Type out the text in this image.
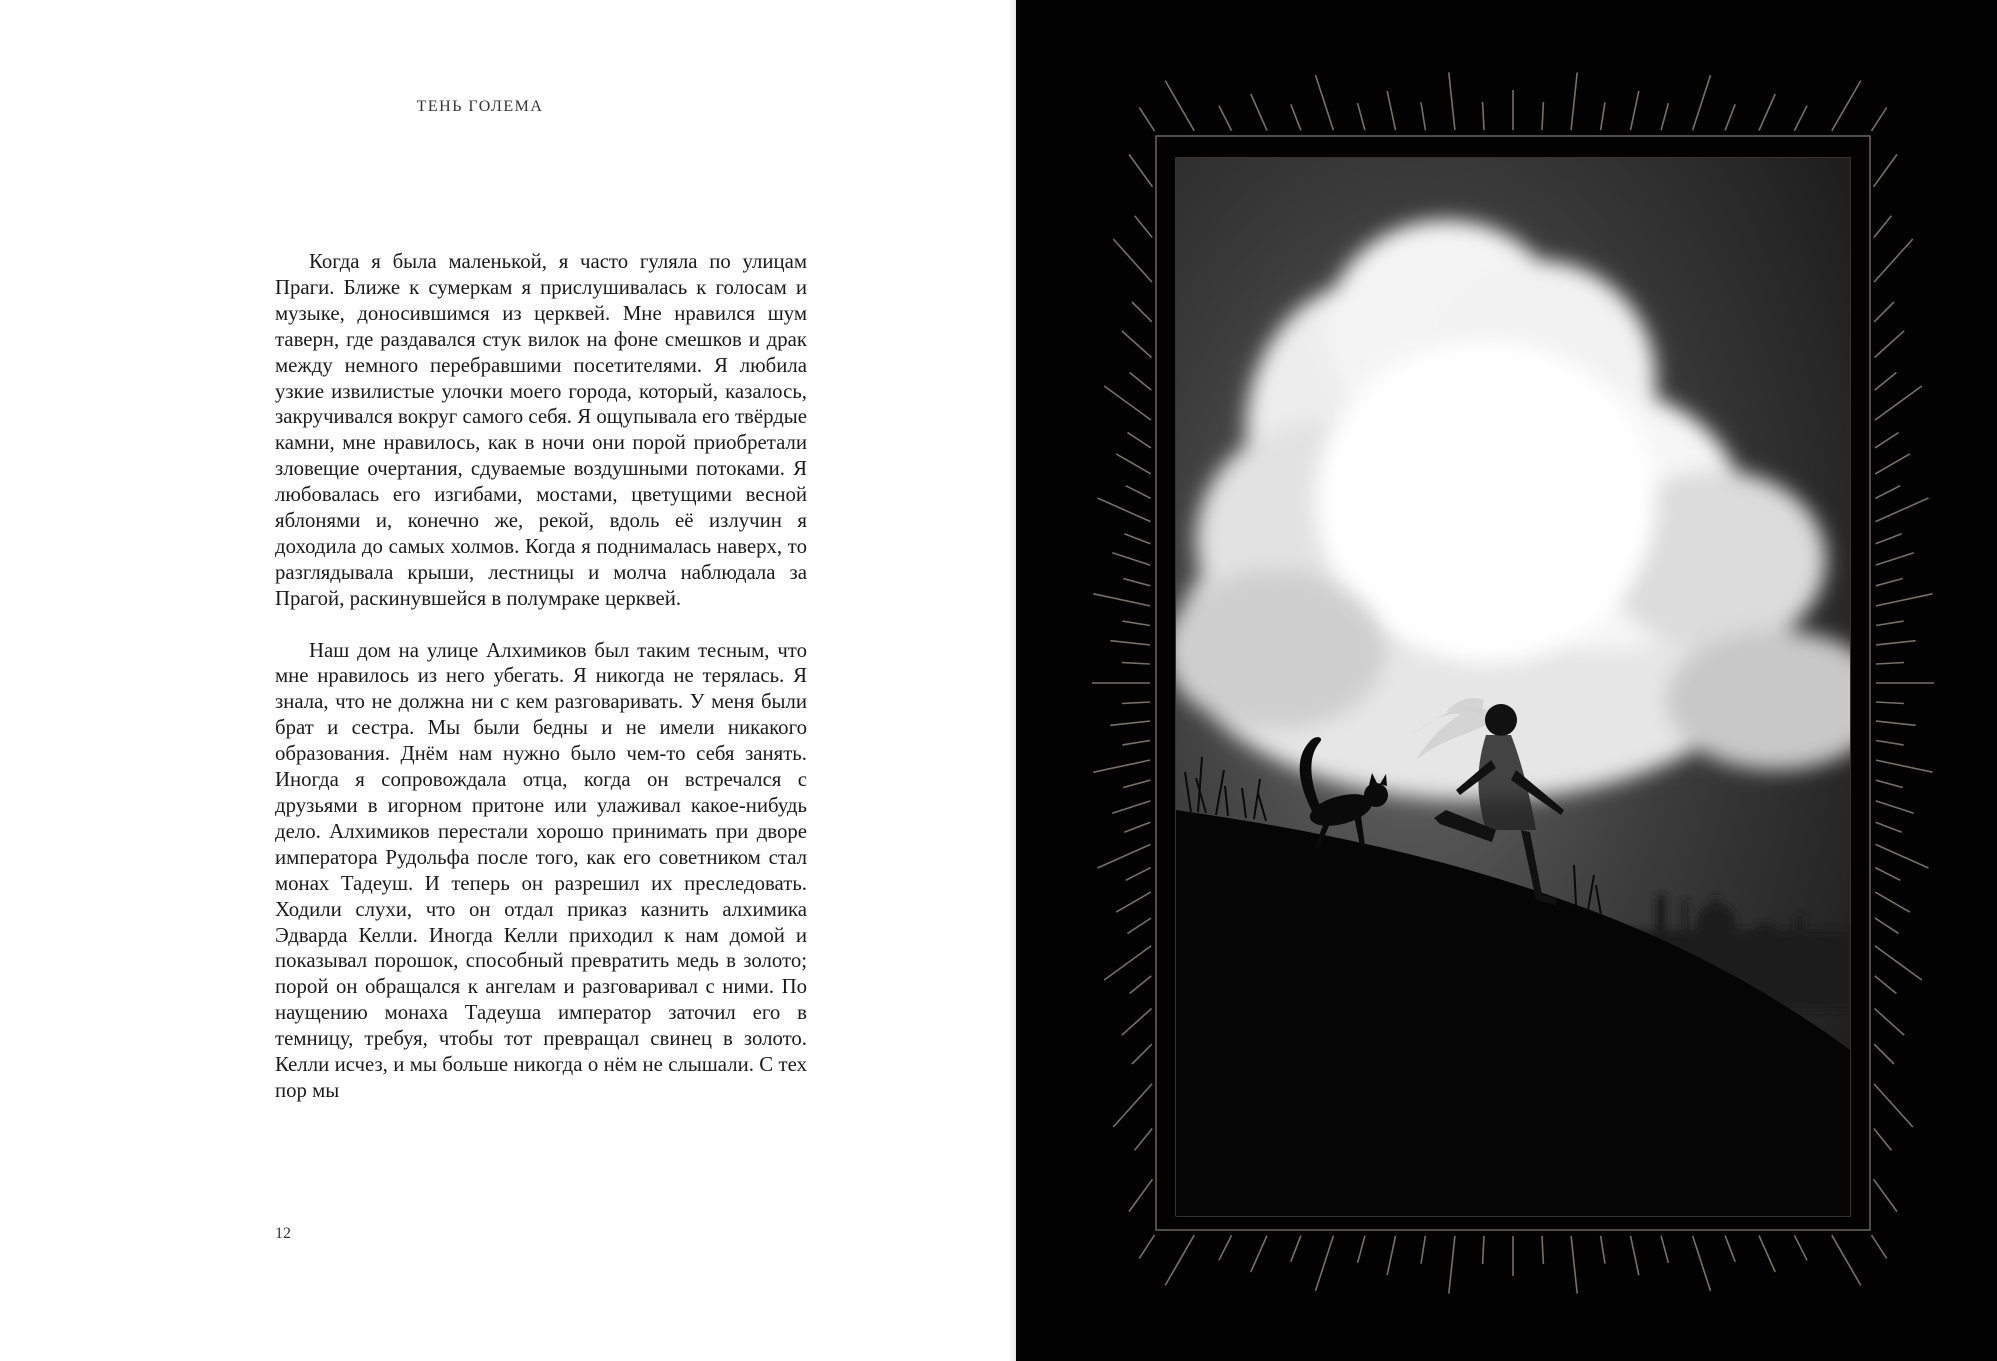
ТЕНЬ ГОЛЕМА

Когда я была маленькой, я часто гуляла по улицам Праги. Ближе к сумеркам я прислушивалась к голосам и музыке, доносившимся из церквей. Мне нравился шум таверн, где раздавался стук вилок на фоне смешков и драк между немного перебравшими посетителями. Я любила узкие извилистые улочки моего города, который, казалось, закручивался вокруг самого себя. Я ощупывала его твёрдые камни, мне нравилось, как в ночи они порой приобретали зловещие очертания, сдуваемые воздушными потоками. Я любовалась его изгибами, мостами, цветущими весной яблонями и, конечно же, рекой, вдоль её излучин я доходила до самых холмов. Когда я поднималась наверх, то разглядывала крыши, лестницы и молча наблюдала за Прагой, раскинувшейся в полумраке церквей.

Наш дом на улице Алхимиков был таким тесным, что мне нравилось из него убегать. Я никогда не терялась. Я знала, что не должна ни с кем разговаривать. У меня были брат и сестра. Мы были бедны и не имели никакого образования. Днём нам нужно было чем-то себя занять. Иногда я сопровождала отца, когда он встречался с друзьями в игорном притоне или улаживал какое-нибудь дело. Алхимиков перестали хорошо принимать при дворе императора Рудольфа после того, как его советником стал монах Тадеуш. И теперь он разрешил их преследовать. Ходили слухи, что он отдал приказ казнить алхимика Эдварда Келли. Иногда Келли приходил к нам домой и показывал порошок, способный превратить медь в золото; порой он обращался к ангелам и разговаривал с ними. По наущению монаха Тадеуша император заточил его в темницу, требуя, чтобы тот превращал свинец в золото. Келли исчез, и мы больше никогда о нём не слышали. С тех пор мы

12
